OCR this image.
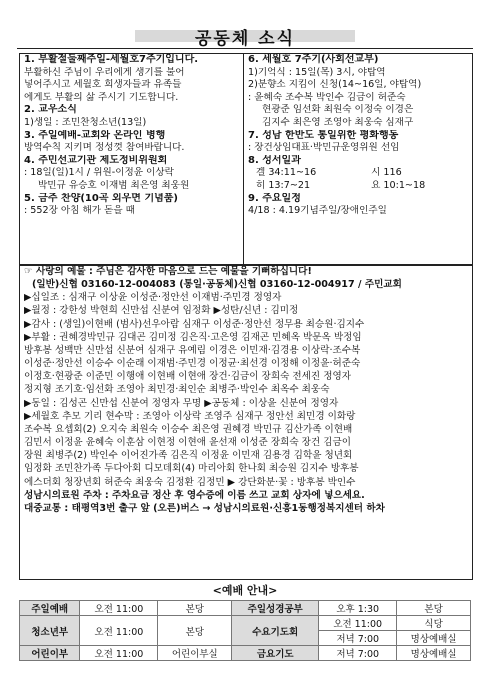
공동체 소식
1. 부활절둘째주일-세월호7주기입니다.
부활하신 주님이 우리에게 생기를 불어
넣어주시고 세월호 희생자들과 유족들
에게도 부활의 삶 주시기 기도합니다.
2. 교우소식
1)생일 : 조민찬청소년(13일)
3. 주일예배-교회와 온라인 병행
방역수칙 지키며 정성껏 참여바랍니다.
4. 주민선교기관 제도정비위원회
: 18일(일)1시 / 위원-이정윤 이상락
박민규 유승호 이재범 최은영 최웅원
5. 금주 찬양(10곡 외우면 기념품)
: 552장 아침 해가 돋을 때
6. 세월호 7주기(사회선교부)
1)기억식 : 15일(목) 3시, 야탑역
2)분향소 지킴이 신청(14~16일, 야탑역)
: 윤혜숙 조수복 박인수 김금이 허준숙
현광준 임선화 최원숙 이정숙 이경은
김지수 최은영 조영아 최웅숙 심재구
7. 성남 한반도 통일위한 평화행동
: 장건상임대표·박민규운영위원 선임
8. 성서일과
겔 34:11~16	시 116
히 13:7~21	요 10:1~18
9. 주요일정
4/18 : 4.19기념주일/장애인주일
☞ 사랑의 예물 : 주님은 감사한 마음으로 드는 예물을 기뻐하십니다!
(일반)신협 03160-12-004083 (통일·공동체)신협 03160-12-004917 / 주민교회
▶십일조 : 심재구 이상윤 이성준·정안선 이재범·주민경 정영자
▶월정 : 강한성 박현희 신만섭 신분여 임정화 ▶성탄/신년 : 김미정
▶감사 : (생일)이현배 (범사)선우아람 심재구 이성준·정안선 정무용 최승원·김지수
▶부활 : 권혜경박민규 김대곤 김미정 김은직·고은영 김재곤 민혜옥 박문옥 박정임
방후봉 성백만 신만섭 신분여 심재구 유예림 이경은 이민재·김경용 이상락·조수복
이성준·정안선 이승수 이순래 이재범·주민경 이정균·최선경 이정해 이정윤·허준숙
이정호·현광준 이준민 이행애 이현배 이현애 장건·김금이 장희숙 전세진 정영자
정지형 조기호·임선화 조영아 최민경·최인순 최병주·박인수 최옥수 최웅숙
▶동일 : 김성곤 신만섭 신분여 정영자 무명 ▶공동체 : 이상윤 신분여 정영자
▶세월호 추모 기리 현수막 : 조영아 이상락 조영주 심재구 정안선 최민경 이화랑
조수복 요셉회(2) 오지숙 최원숙 이승수 최은영 권혜경 박민규 김산가족 이현배
김민서 이정윤 윤혜숙 이훈삼 이현정 이현애 윤선재 이성준 장희숙 장건 김금이
장원 최병주(2) 박인수 이어진가족 김은직 이정윤 이민재 김용경 김학윤 청년회
임정화 조민찬가족 두다아회 디모데회(4) 마리아회 한나회 최승원 김지수 방후봉
에스더회 청장년회 허준숙 최웅숙 김정환 김정민 ▶ 강단화분·꽃 : 방후봉 박인수
성남시의료원 주차 : 주차요금 정산 후 영수증에 이름 쓰고 교회 상자에 넣으세요.
대중교통 : 태평역3번 출구 앞 (오른)버스 → 성남시의료원·신흥1동행정복지센터 하차
<예배 안내>
주일예배	오전 11:00	본당	주일성경공부	오후 1:30	본당
청소년부	오전 11:00	본당	수요기도회	오전 11:00	식당
				저녁 7:00	명상예배실
어린이부	오전 11:00	어린이부실	금요기도	저녁 7:00	명상예배실
